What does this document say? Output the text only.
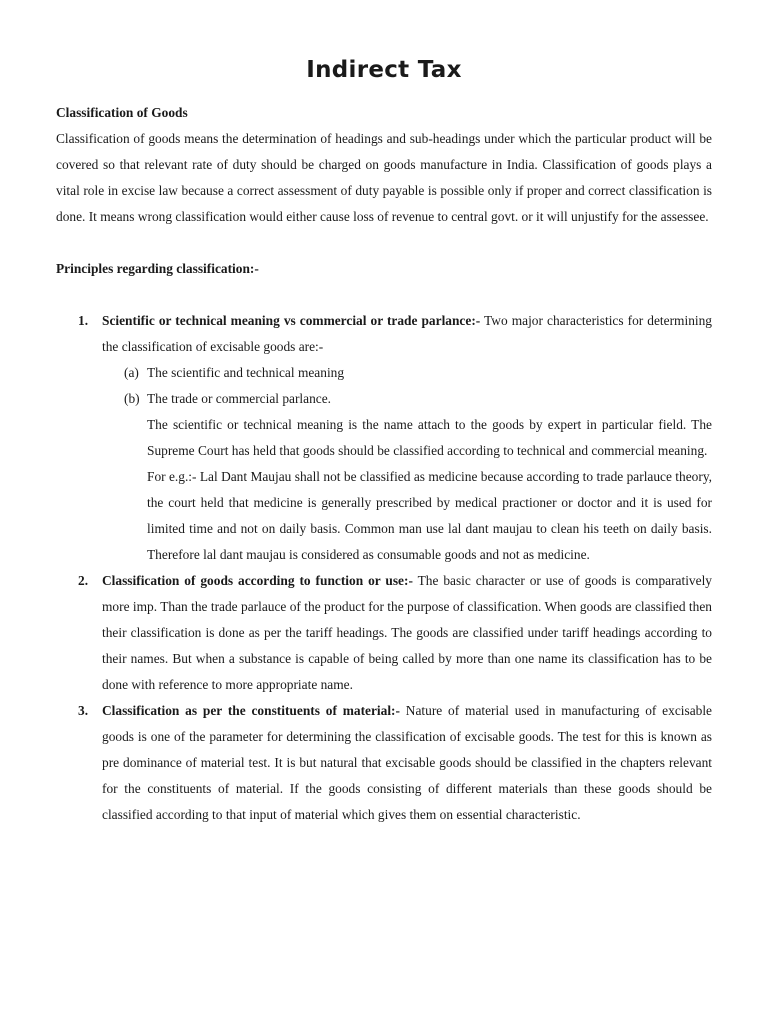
Indirect Tax

Classification of Goods

Classification of goods means the determination of headings and sub-headings under which the particular product will be covered so that relevant rate of duty should be charged on goods manufacture in India. Classification of goods plays a vital role in excise law because a correct assessment of duty payable is possible only if proper and correct classification is done. It means wrong classification would either cause loss of revenue to central govt. or it will unjustify for the assessee.

Principles regarding classification:-

1. Scientific or technical meaning vs commercial or trade parlance:- Two major characteristics for determining the classification of excisable goods are:-
(a) The scientific and technical meaning
(b) The trade or commercial parlance.

The scientific or technical meaning is the name attach to the goods by expert in particular field. The Supreme Court has held that goods should be classified according to technical and commercial meaning.

For e.g.:- Lal Dant Maujau shall not be classified as medicine because according to trade parlauce theory, the court held that medicine is generally prescribed by medical practioner or doctor and it is used for limited time and not on daily basis. Common man use lal dant maujau to clean his teeth on daily basis. Therefore lal dant maujau is considered as consumable goods and not as medicine.

2. Classification of goods according to function or use:- The basic character or use of goods is comparatively more imp. Than the trade parlauce of the product for the purpose of classification. When goods are classified then their classification is done as per the tariff headings. The goods are classified under tariff headings according to their names. But when a substance is capable of being called by more than one name its classification has to be done with reference to more appropriate name.
3. Classification as per the constituents of material:- Nature of material used in manufacturing of excisable goods is one of the parameter for determining the classification of excisable goods. The test for this is known as pre dominance of material test. It is but natural that excisable goods should be classified in the chapters relevant for the constituents of material. If the goods consisting of different materials than these goods should be classified according to that input of material which gives them on essential characteristic.
